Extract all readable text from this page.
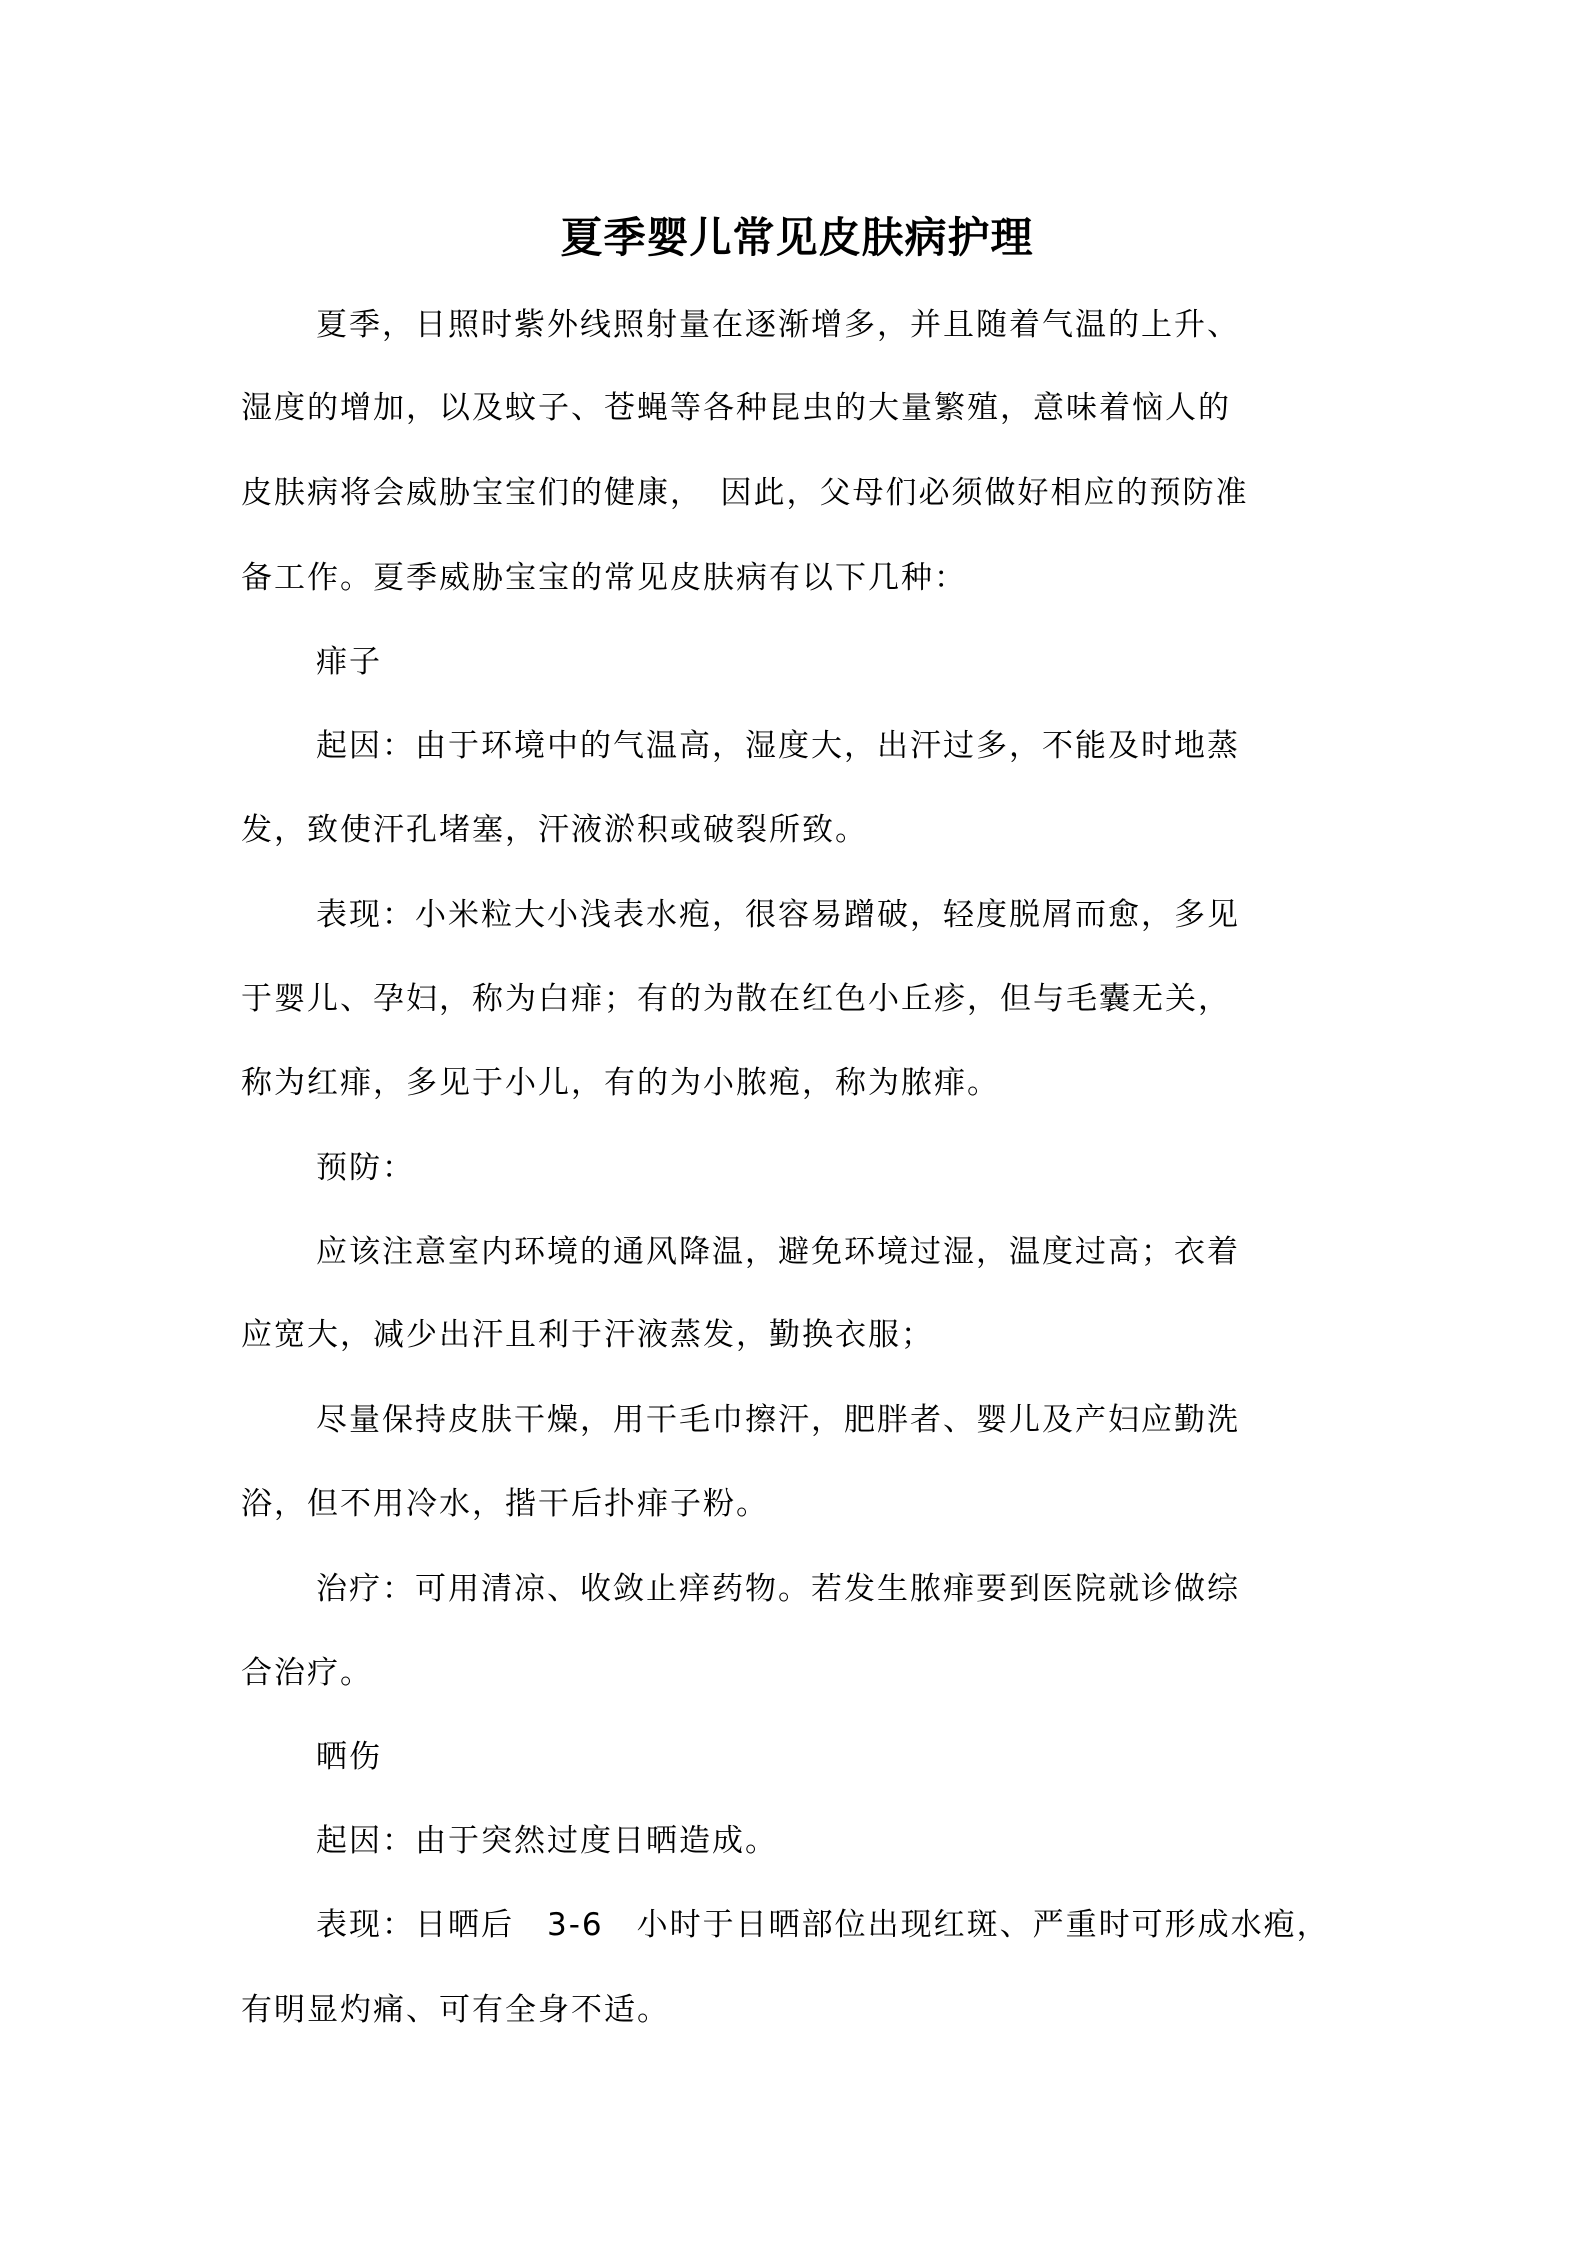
夏季婴儿常见皮肤病护理
夏季，日照时紫外线照射量在逐渐增多，并且随着气温的上升、
湿度的增加，以及蚊子、苍蝇等各种昆虫的大量繁殖，意味着恼人的
皮肤病将会威胁宝宝们的健康，　因此，父母们必须做好相应的预防准
备工作。夏季威胁宝宝的常见皮肤病有以下几种：
痱子
起因：由于环境中的气温高，湿度大，出汗过多，不能及时地蒸
发，致使汗孔堵塞，汗液淤积或破裂所致。
表现：小米粒大小浅表水疱，很容易蹭破，轻度脱屑而愈，多见
于婴儿、孕妇，称为白痱；有的为散在红色小丘疹，但与毛囊无关，
称为红痱，多见于小儿，有的为小脓疱，称为脓痱。
预防：
应该注意室内环境的通风降温，避免环境过湿，温度过高；衣着
应宽大，减少出汗且利于汗液蒸发，勤换衣服；
尽量保持皮肤干燥，用干毛巾擦汗，肥胖者、婴儿及产妇应勤洗
浴，但不用冷水，揩干后扑痱子粉。
治疗：可用清凉、收敛止痒药物。若发生脓痱要到医院就诊做综
合治疗。
晒伤
起因：由于突然过度日晒造成。
表现：日晒后　3-6　小时于日晒部位出现红斑、严重时可形成水疱，
有明显灼痛、可有全身不适。
